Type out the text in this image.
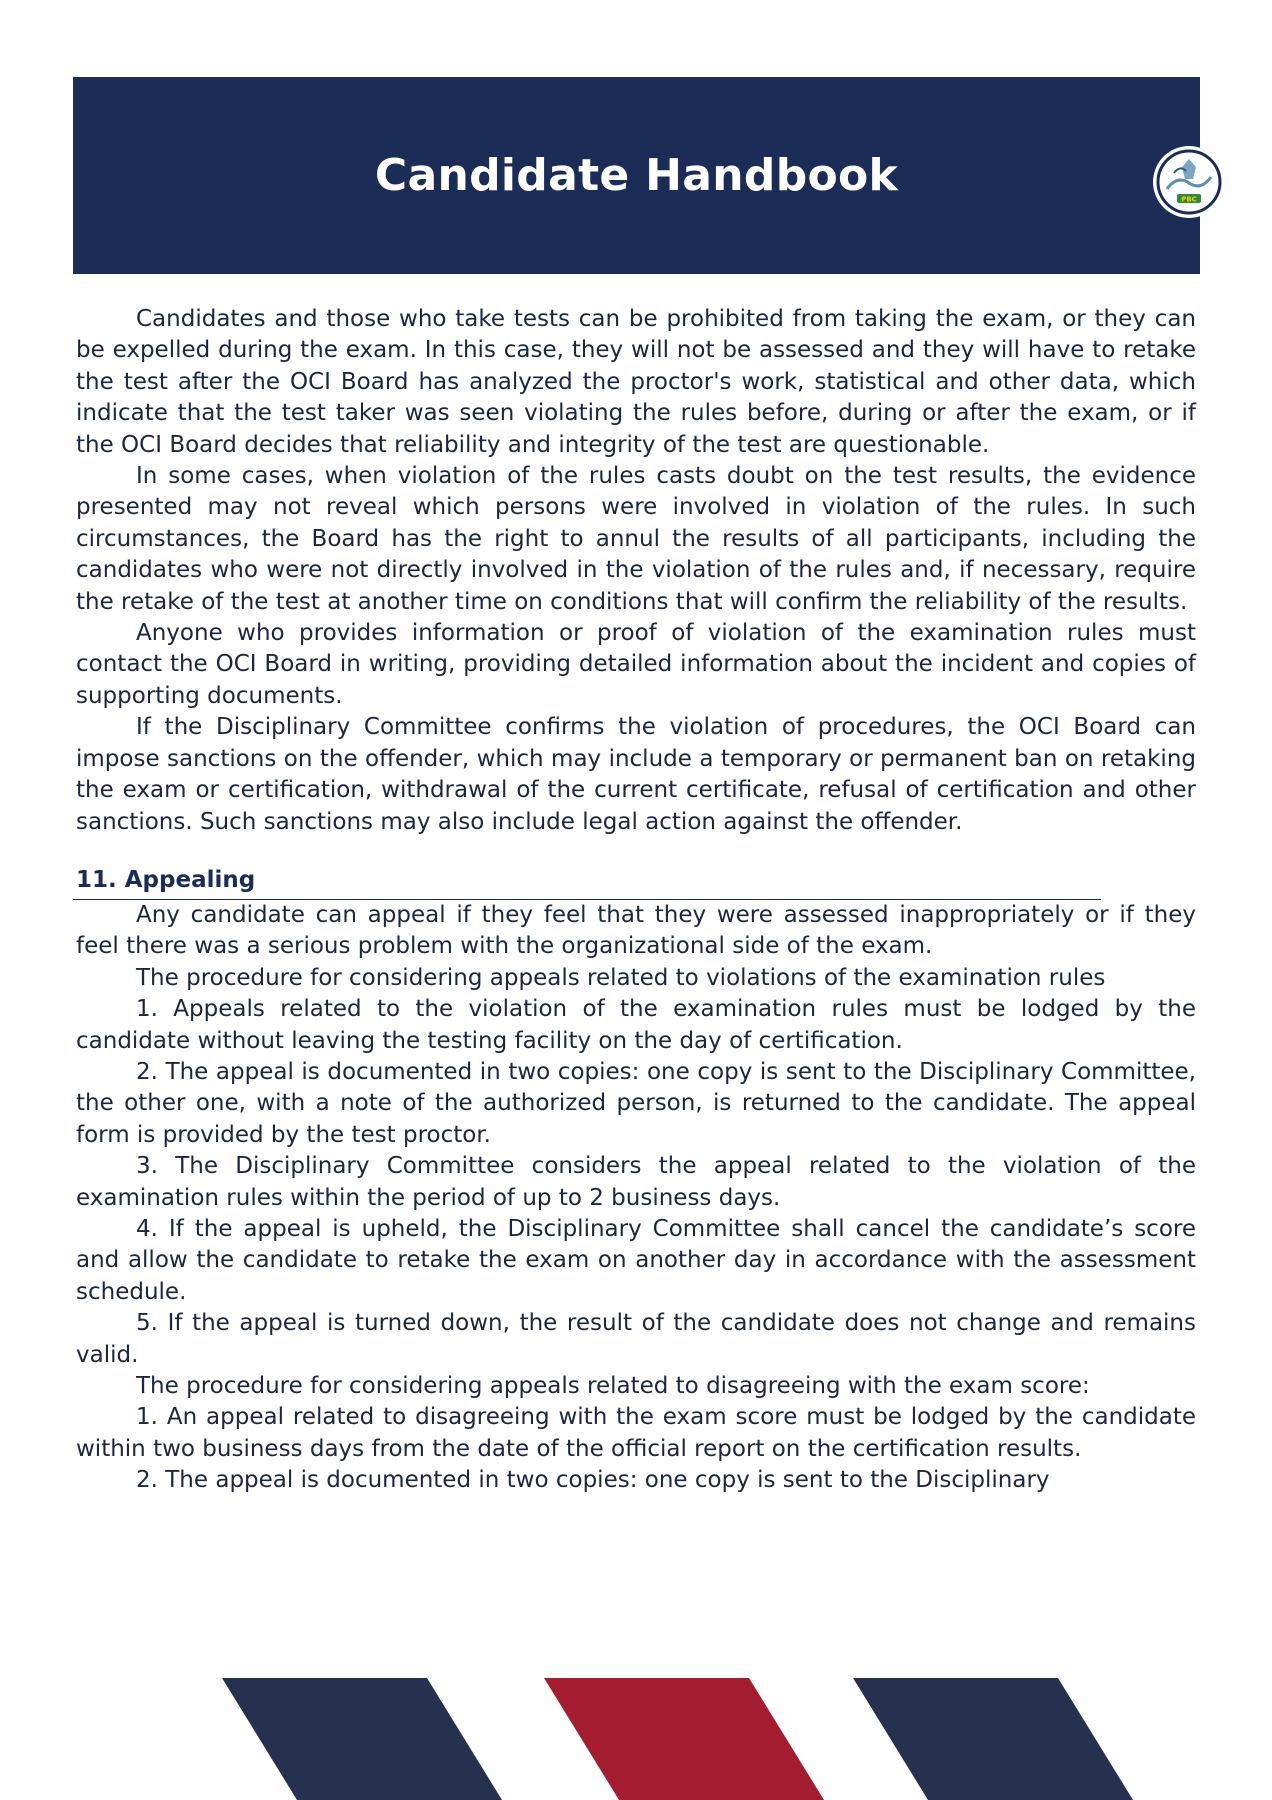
Candidate Handbook	PBC

Candidates and those who take tests can be prohibited from taking the exam, or they can be expelled during the exam. In this case, they will not be assessed and they will have to retake the test after the OCI Board has analyzed the proctor's work, statistical and other data, which indicate that the test taker was seen violating the rules before, during or after the exam, or if the OCI Board decides that reliability and integrity of the test are questionable.

In some cases, when violation of the rules casts doubt on the test results, the evidence presented may not reveal which persons were involved in violation of the rules. In such circumstances, the Board has the right to annul the results of all participants, including the candidates who were not directly involved in the violation of the rules and, if necessary, require the retake of the test at another time on conditions that will confirm the reliability of the results.

Anyone who provides information or proof of violation of the examination rules must contact the OCI Board in writing, providing detailed information about the incident and copies of supporting documents.

If the Disciplinary Committee confirms the violation of procedures, the OCI Board can impose sanctions on the offender, which may include a temporary or permanent ban on retaking the exam or certification, withdrawal of the current certificate, refusal of certification and other sanctions. Such sanctions may also include legal action against the offender.

11. Appealing

Any candidate can appeal if they feel that they were assessed inappropriately or if they feel there was a serious problem with the organizational side of the exam.

The procedure for considering appeals related to violations of the examination rules

1. Appeals related to the violation of the examination rules must be lodged by the candidate without leaving the testing facility on the day of certification.

2. The appeal is documented in two copies: one copy is sent to the Disciplinary Committee, the other one, with a note of the authorized person, is returned to the candidate. The appeal form is provided by the test proctor.

3. The Disciplinary Committee considers the appeal related to the violation of the examination rules within the period of up to 2 business days.

4. If the appeal is upheld, the Disciplinary Committee shall cancel the candidate’s score and allow the candidate to retake the exam on another day in accordance with the assessment schedule.

5. If the appeal is turned down, the result of the candidate does not change and remains valid.

The procedure for considering appeals related to disagreeing with the exam score:

1. An appeal related to disagreeing with the exam score must be lodged by the candidate within two business days from the date of the official report on the certification results.

2. The appeal is documented in two copies: one copy is sent to the Disciplinary
